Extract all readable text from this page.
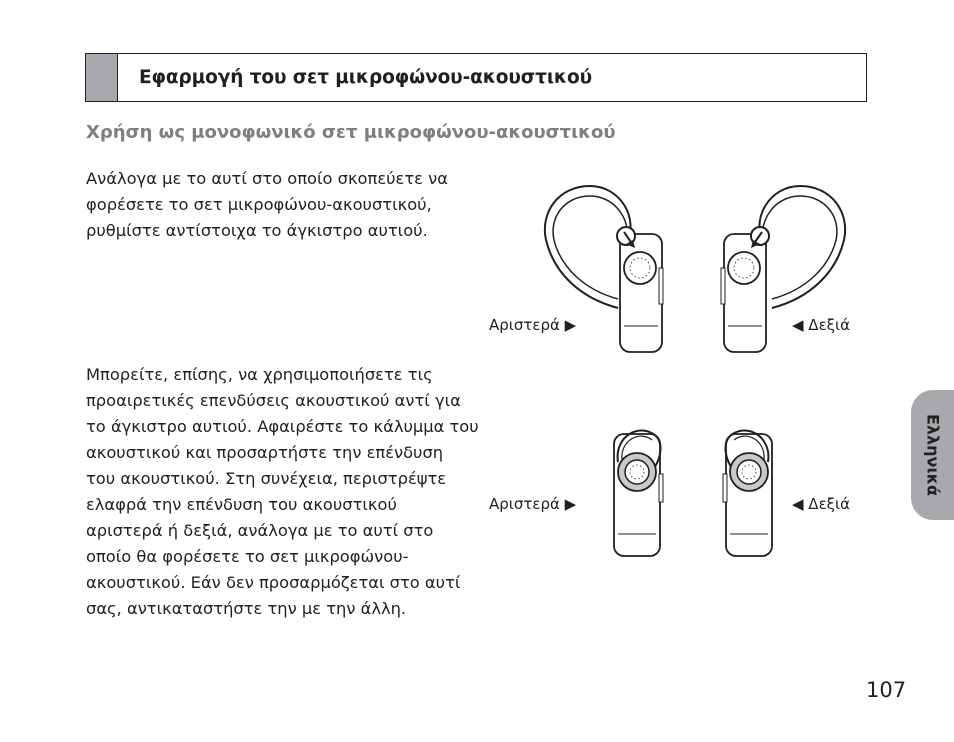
Εφαρμογή του σετ μικροφώνου-ακουστικού
Χρήση ως μονοφωνικό σετ μικροφώνου-ακουστικού
Ανάλογα με το αυτί στο οποίο σκοπεύετε να
φορέσετε το σετ μικροφώνου-ακουστικού,
ρυθμίστε αντίστοιχα το άγκιστρο αυτιού.
Μπορείτε, επίσης, να χρησιμοποιήσετε τις
προαιρετικές επενδύσεις ακουστικού αντί για
το άγκιστρο αυτιού. Αφαιρέστε το κάλυμμα του
ακουστικού και προσαρτήστε την επένδυση
του ακουστικού. Στη συνέχεια, περιστρέψτε
ελαφρά την επένδυση του ακουστικού
αριστερά ή δεξιά, ανάλογα με το αυτί στο
οποίο θα φορέσετε το σετ μικροφώνου-
ακουστικού. Εάν δεν προσαρμόζεται στο αυτί
σας, αντικαταστήστε την με την άλλη.
Αριστερά ▶	◀ Δεξιά
Αριστερά ▶	◀ Δεξιά
Ελληνικά
107
